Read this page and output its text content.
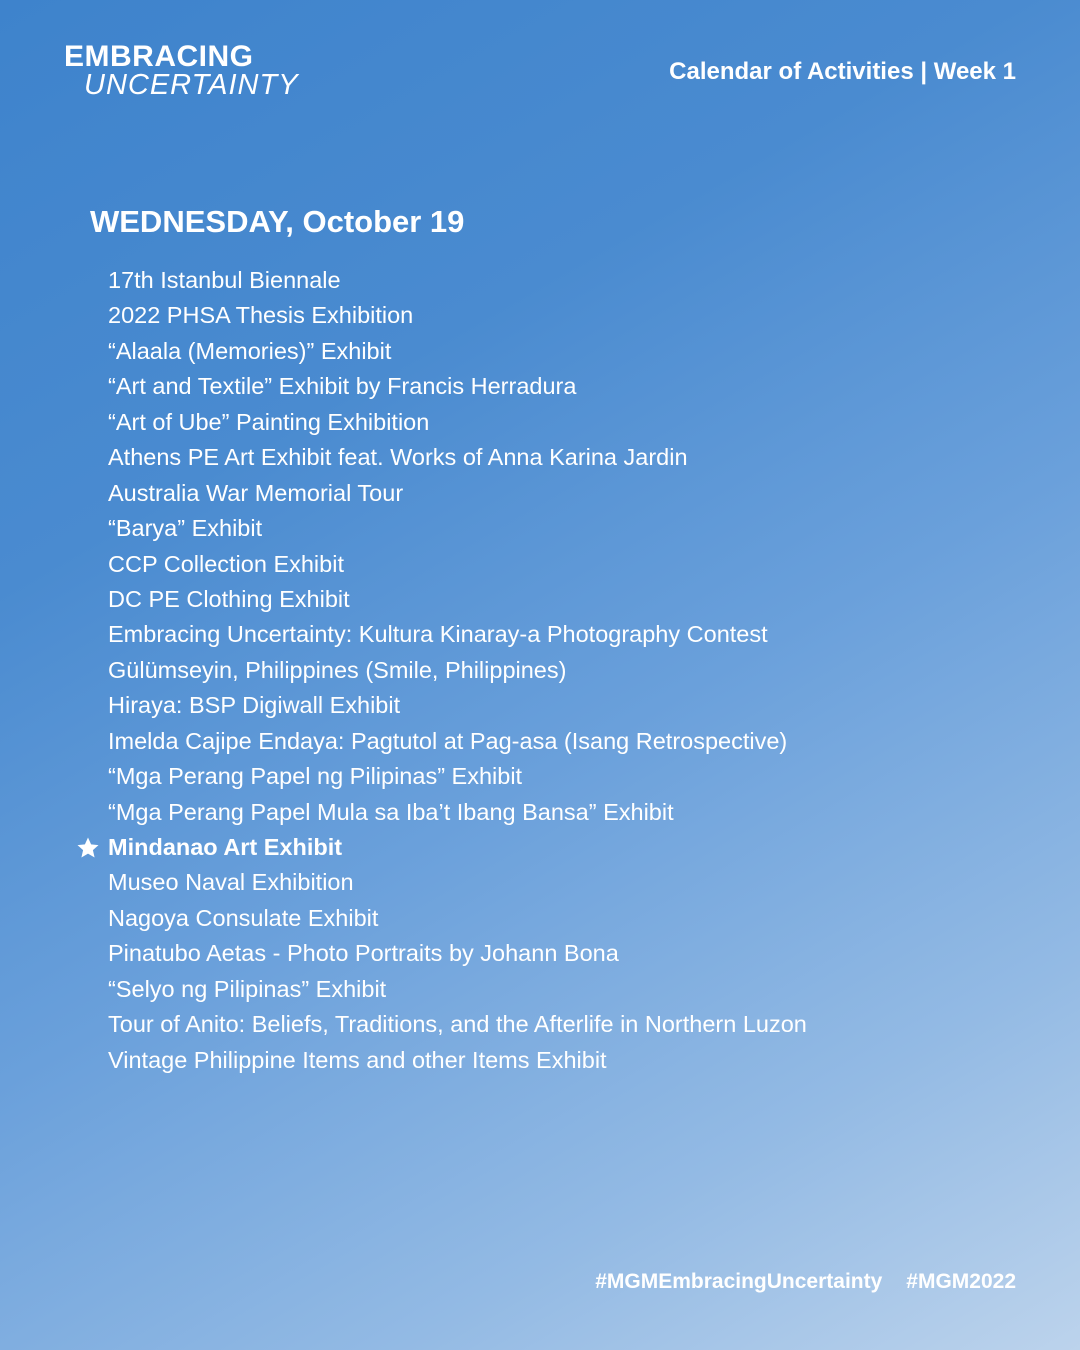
EMBRACING
UNCERTAINTY	Calendar of Activities | Week 1
WEDNESDAY, October 19
17th Istanbul Biennale
2022 PHSA Thesis Exhibition
“Alaala (Memories)” Exhibit
“Art and Textile” Exhibit by Francis Herradura
“Art of Ube” Painting Exhibition
Athens PE Art Exhibit feat. Works of Anna Karina Jardin
Australia War Memorial Tour
“Barya” Exhibit
CCP Collection Exhibit
DC PE Clothing Exhibit
Embracing Uncertainty: Kultura Kinaray-a Photography Contest
Gülümseyin, Philippines (Smile, Philippines)
Hiraya: BSP Digiwall Exhibit
Imelda Cajipe Endaya: Pagtutol at Pag-asa (Isang Retrospective)
“Mga Perang Papel ng Pilipinas” Exhibit
“Mga Perang Papel Mula sa Iba’t Ibang Bansa” Exhibit
Mindanao Art Exhibit
Museo Naval Exhibition
Nagoya Consulate Exhibit
Pinatubo Aetas - Photo Portraits by Johann Bona
“Selyo ng Pilipinas” Exhibit
Tour of Anito: Beliefs, Traditions, and the Afterlife in Northern Luzon
Vintage Philippine Items and other Items Exhibit
#MGMEmbracingUncertainty #MGM2022
